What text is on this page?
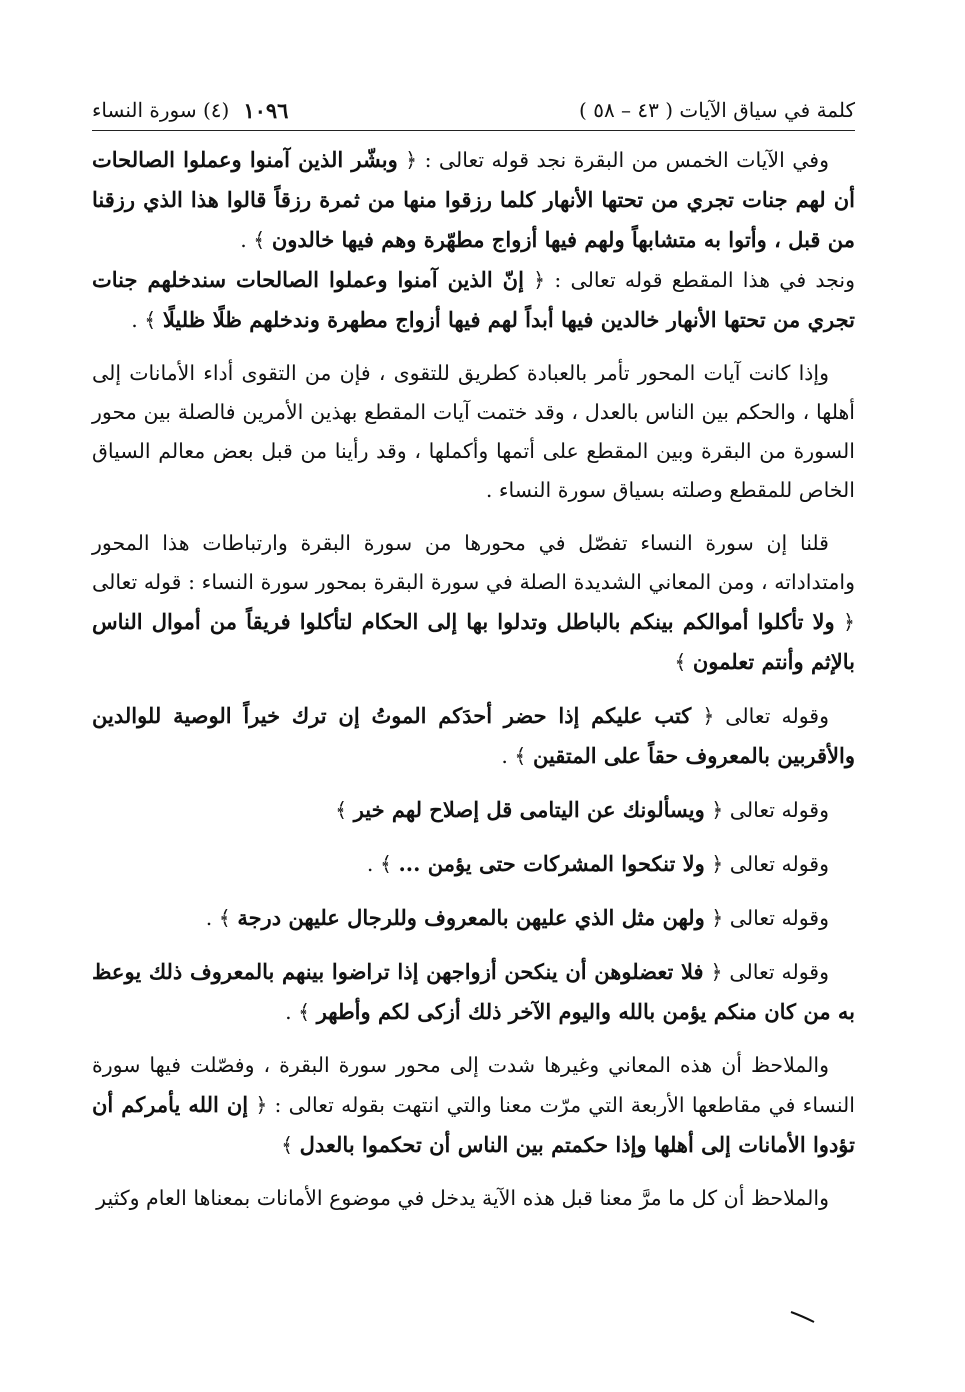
١٠٩٦
(٤) سورة النساء	كلمة في سياق الآيات ( ٤٣ – ٥٨ )

وفي الآيات الخمس من البقرة نجد قوله تعالى : ﴿ وبشّر الذين آمنوا وعملوا الصالحات أن لهم جنات تجري من تحتها الأنهار كلما رزقوا منها من ثمرة رزقاً قالوا هذا الذي رزقنا من قبل ، وأتوا به متشابهاً ولهم فيها أزواج مطهّرة وهم فيها خالدون ﴾ .
ونجد في هذا المقطع قوله تعالى : ﴿ إنّ الذين آمنوا وعملوا الصالحات سندخلهم جنات تجري من تحتها الأنهار خالدين فيها أبداً لهم فيها أزواج مطهرة وندخلهم ظلًا ظليلًا ﴾ .

وإذا كانت آيات المحور تأمر بالعبادة كطريق للتقوى ، فإن من التقوى أداء الأمانات إلى أهلها ، والحكم بين الناس بالعدل ، وقد ختمت آيات المقطع بهذين الأمرين فالصلة بين محور السورة من البقرة وبين المقطع على أتمها وأكملها ، وقد رأينا من قبل بعض معالم السياق الخاص للمقطع وصلته بسياق سورة النساء .

قلنا إن سورة النساء تفصّل في محورها من سورة البقرة وارتباطات هذا المحور وامتداداته ، ومن المعاني الشديدة الصلة في سورة البقرة بمحور سورة النساء : قوله تعالى ﴿ ولا تأكلوا أموالكم بينكم بالباطل وتدلوا بها إلى الحكام لتأكلوا فريقاً من أموال الناس بالإثم وأنتم تعلمون ﴾

وقوله تعالى ﴿ كتب عليكم إذا حضر أحدَكم الموتُ إن ترك خيراً الوصية للوالدين والأقربين بالمعروف حقاً على المتقين ﴾ .

وقوله تعالى ﴿ ويسألونك عن اليتامى قل إصلاح لهم خير ﴾

وقوله تعالى ﴿ ولا تنكحوا المشركات حتى يؤمن ... ﴾ .

وقوله تعالى ﴿ ولهن مثل الذي عليهن بالمعروف وللرجال عليهن درجة ﴾ .

وقوله تعالى ﴿ فلا تعضلوهن أن ينكحن أزواجهن إذا تراضوا بينهم بالمعروف ذلك يوعظ به من كان منكم يؤمن بالله واليوم الآخر ذلك أزكى لكم وأطهر ﴾ .

والملاحظ أن هذه المعاني وغيرها شدت إلى محور سورة البقرة ، وفصّلت فيها سورة النساء في مقاطعها الأربعة التي مرّت معنا والتي انتهت بقوله تعالى : ﴿ إن الله يأمركم أن تؤدوا الأمانات إلى أهلها وإذا حكمتم بين الناس أن تحكموا بالعدل ﴾

والملاحظ أن كل ما مرَّ معنا قبل هذه الآية يدخل في موضوع الأمانات بمعناها العام وكثير
